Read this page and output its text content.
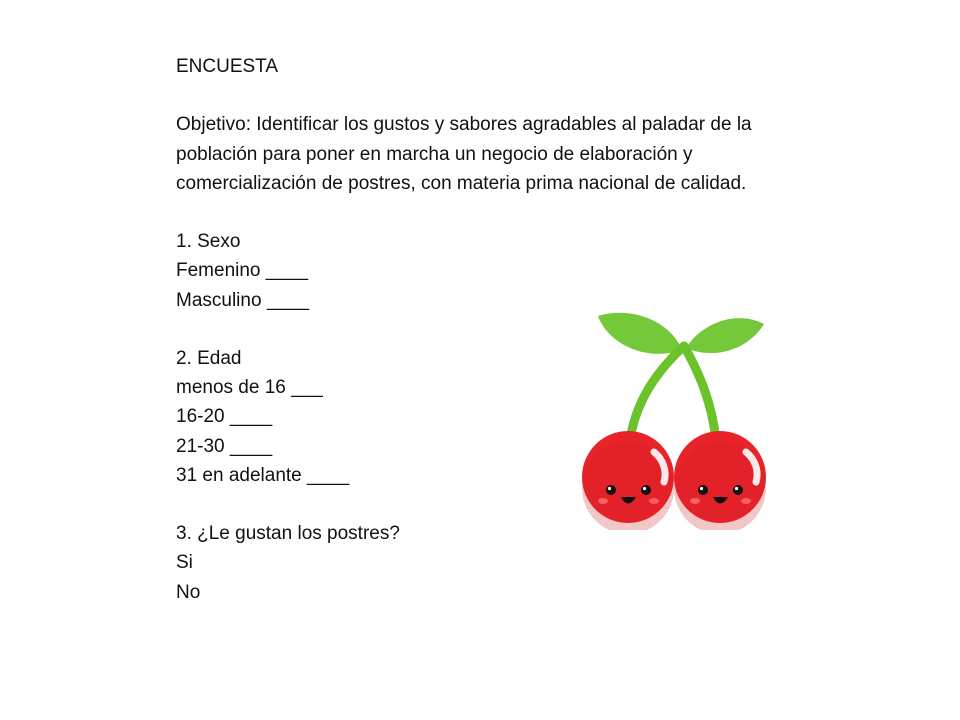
ENCUESTA
Objetivo: Identificar los gustos y sabores agradables al paladar de la población para poner en marcha un negocio de elaboración y comercialización de postres, con materia prima nacional de calidad.
1. Sexo
Femenino ____
Masculino ____
2. Edad
menos de 16 ___
16-20 ____
21-30 ____
31 en adelante ____
3. ¿Le gustan los postres?
Si
No
